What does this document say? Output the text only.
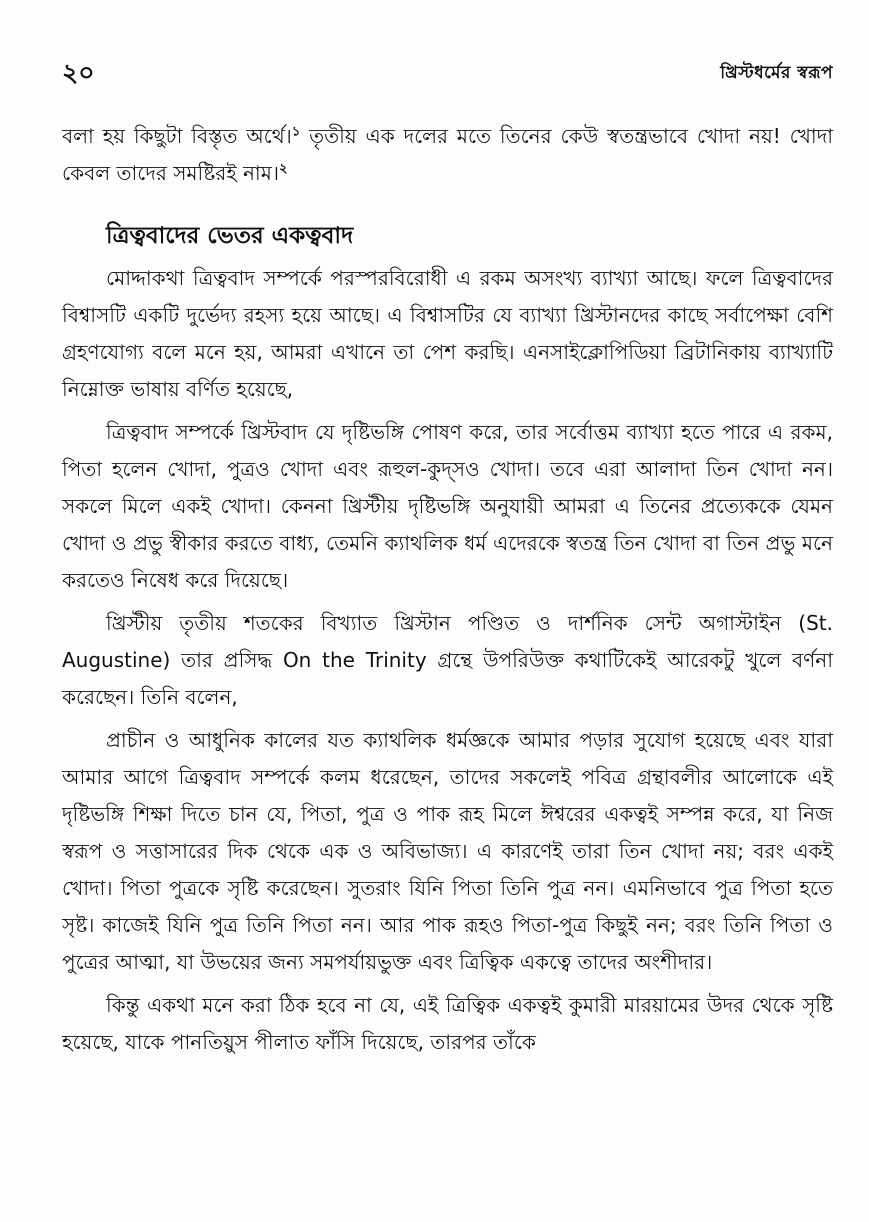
২০	খ্রিস্টধর্মের স্বরূপ

বলা হয় কিছুটা বিস্তৃত অর্থে।$^১$ তৃতীয় এক দলের মতে তিনের কেউ স্বতন্ত্রভাবে খোদা নয়! খোদা কেবল তাদের সমষ্টিরই নাম।$^২$

ত্রিত্ববাদের ভেতর একত্ববাদ

মোদ্দাকথা ত্রিত্ববাদ সম্পর্কে পরস্পরবিরোধী এ রকম অসংখ্য ব্যাখ্যা আছে। ফলে ত্রিত্ববাদের বিশ্বাসটি একটি দুর্ভেদ্য রহস্য হয়ে আছে। এ বিশ্বাসটির যে ব্যাখ্যা খ্রিস্টানদের কাছে সর্বাপেক্ষা বেশি গ্রহণযোগ্য বলে মনে হয়, আমরা এখানে তা পেশ করছি। এনসাইক্লোপিডিয়া ব্রিটানিকায় ব্যাখ্যাটি নিম্নোক্ত ভাষায় বর্ণিত হয়েছে,

ত্রিত্ববাদ সম্পর্কে খ্রিস্টবাদ যে দৃষ্টিভঙ্গি পোষণ করে, তার সর্বোত্তম ব্যাখ্যা হতে পারে এ রকম, পিতা হলেন খোদা, পুত্রও খোদা এবং রূহুল-কুদ্সও খোদা। তবে এরা আলাদা তিন খোদা নন। সকলে মিলে একই খোদা। কেননা খ্রিস্টীয় দৃষ্টিভঙ্গি অনুযায়ী আমরা এ তিনের প্রত্যেককে যেমন খোদা ও প্রভু স্বীকার করতে বাধ্য, তেমনি ক্যাথলিক ধর্ম এদেরকে স্বতন্ত্র তিন খোদা বা তিন প্রভু মনে করতেও নিষেধ করে দিয়েছে।

খ্রিস্টীয় তৃতীয় শতকের বিখ্যাত খ্রিস্টান পণ্ডিত ও দার্শনিক সেন্ট অগাস্টাইন (St. Augustine) তার প্রসিদ্ধ On the Trinity গ্রন্থে উপরিউক্ত কথাটিকেই আরেকটু খুলে বর্ণনা করেছেন। তিনি বলেন,

প্রাচীন ও আধুনিক কালের যত ক্যাথলিক ধর্মজ্ঞকে আমার পড়ার সুযোগ হয়েছে এবং যারা আমার আগে ত্রিত্ববাদ সম্পর্কে কলম ধরেছেন, তাদের সকলেই পবিত্র গ্রন্থাবলীর আলোকে এই দৃষ্টিভঙ্গি শিক্ষা দিতে চান যে, পিতা, পুত্র ও পাক রূহ মিলে ঈশ্বরের একত্বই সম্পন্ন করে, যা নিজ স্বরূপ ও সত্তাসারের দিক থেকে এক ও অবিভাজ্য। এ কারণেই তারা তিন খোদা নয়; বরং একই খোদা। পিতা পুত্রকে সৃষ্টি করেছেন। সুতরাং যিনি পিতা তিনি পুত্র নন। এমনিভাবে পুত্র পিতা হতে সৃষ্ট। কাজেই যিনি পুত্র তিনি পিতা নন। আর পাক রূহও পিতা-পুত্র কিছুই নন; বরং তিনি পিতা ও পুত্রের আত্মা, যা উভয়ের জন্য সমপর্যায়ভুক্ত এবং ত্রিত্বিক একত্বে তাদের অংশীদার।

কিন্তু একথা মনে করা ঠিক হবে না যে, এই ত্রিত্বিক একত্বই কুমারী মারয়ামের উদর থেকে সৃষ্টি হয়েছে, যাকে পানতিয়ুস পীলাত ফাঁসি দিয়েছে, তারপর তাঁকে
